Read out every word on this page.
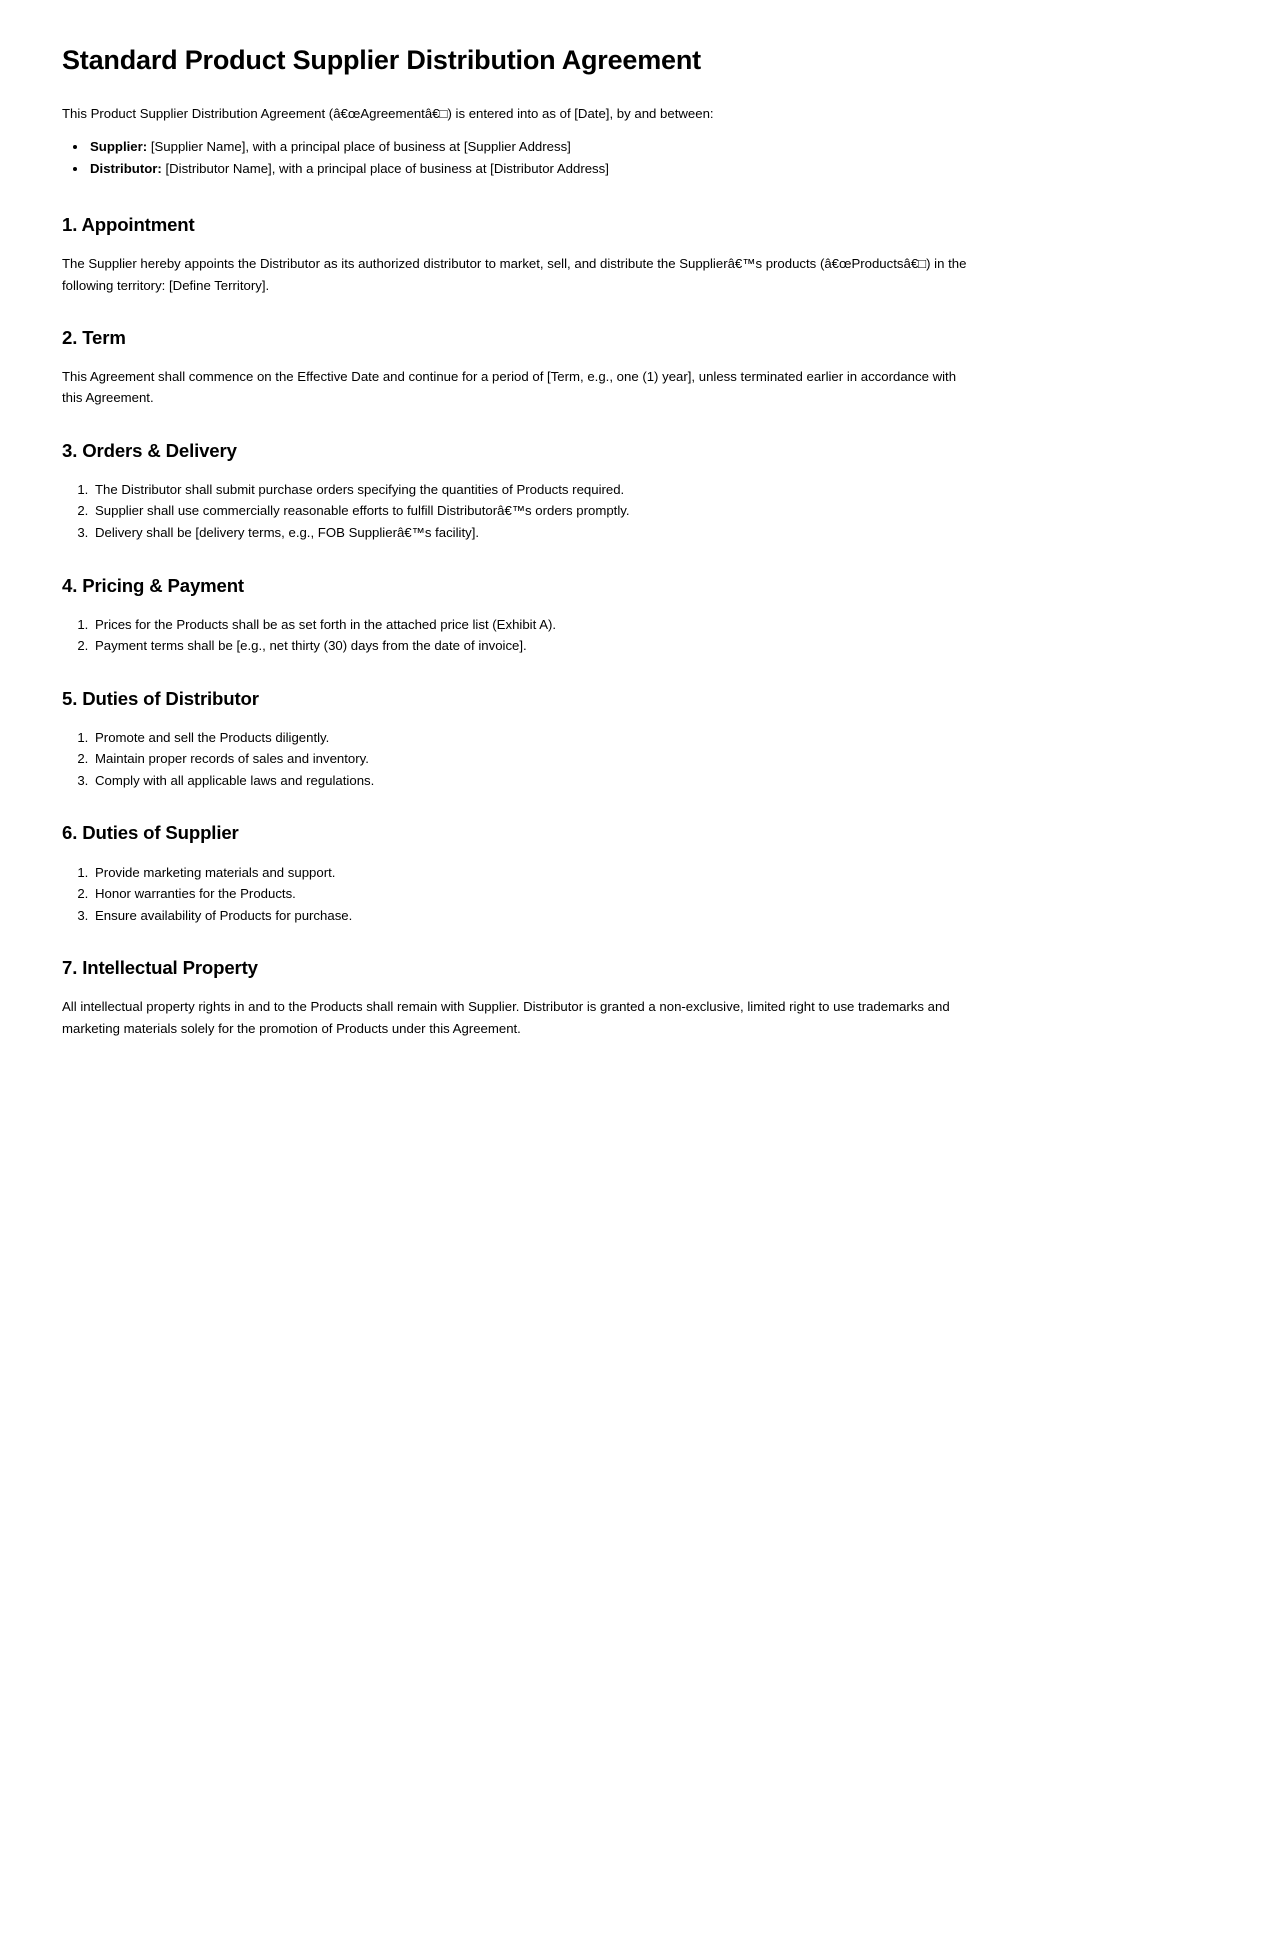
Standard Product Supplier Distribution Agreement

This Product Supplier Distribution Agreement (â€œAgreementâ€□) is entered into as of [Date], by and between:

• Supplier: [Supplier Name], with a principal place of business at [Supplier Address]
• Distributor: [Distributor Name], with a principal place of business at [Distributor Address]
1. Appointment

The Supplier hereby appoints the Distributor as its authorized distributor to market, sell, and distribute the Supplierâ€™s products (â€œProductsâ€□) in the following territory: [Define Territory].

2. Term

This Agreement shall commence on the Effective Date and continue for a period of [Term, e.g., one (1) year], unless terminated earlier in accordance with this Agreement.

3. Orders & Delivery
1. The Distributor shall submit purchase orders specifying the quantities of Products required.
2. Supplier shall use commercially reasonable efforts to fulfill Distributorâ€™s orders promptly.
3. Delivery shall be [delivery terms, e.g., FOB Supplierâ€™s facility].
4. Pricing & Payment
1. Prices for the Products shall be as set forth in the attached price list (Exhibit A).
2. Payment terms shall be [e.g., net thirty (30) days from the date of invoice].
5. Duties of Distributor
1. Promote and sell the Products diligently.
2. Maintain proper records of sales and inventory.
3. Comply with all applicable laws and regulations.
6. Duties of Supplier
1. Provide marketing materials and support.
2. Honor warranties for the Products.
3. Ensure availability of Products for purchase.
7. Intellectual Property

All intellectual property rights in and to the Products shall remain with Supplier. Distributor is granted a non-exclusive, limited right to use trademarks and marketing materials solely for the promotion of Products under this Agreement.
